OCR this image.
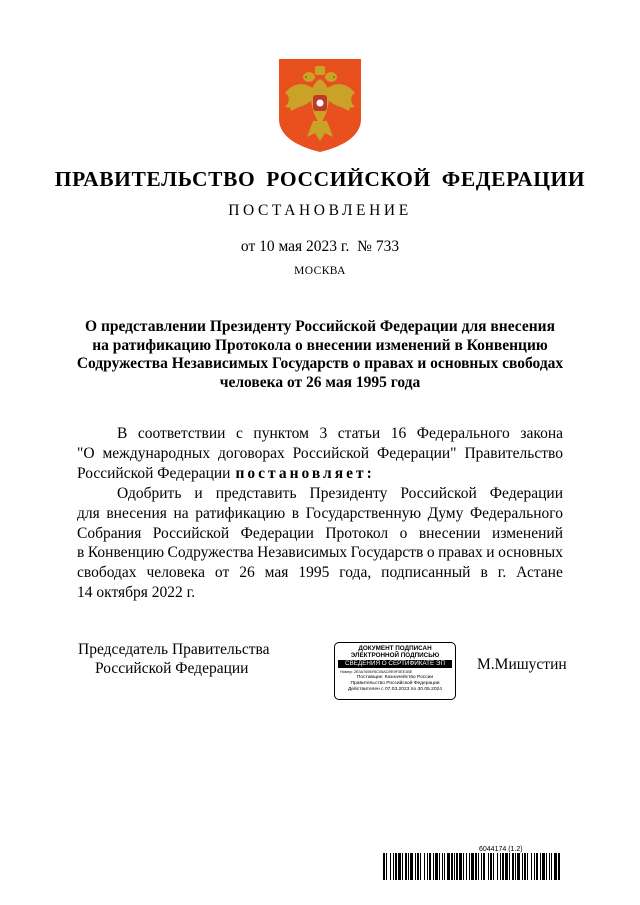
ПРАВИТЕЛЬСТВО РОССИЙСКОЙ ФЕДЕРАЦИИ
ПОСТАНОВЛЕНИЕ
от 10 мая 2023 г.  № 733
МОСКВА
О представлении Президенту Российской Федерации для внесения
на ратификацию Протокола о внесении изменений в Конвенцию
Содружества Независимых Государств о правах и основных свободах
человека от 26 мая 1995 года
В соответствии с пунктом 3 статьи 16 Федерального закона
"О международных договорах Российской Федерации" Правительство
Российской Федерации постановляет:
Одобрить и представить Президенту Российской Федерации
для внесения на ратификацию в Государственную Думу Федерального
Собрания Российской Федерации Протокол о внесении изменений
в Конвенцию Содружества Независимых Государств о правах и основных
свободах человека от 26 мая 1995 года, подписанный в г. Астане
14 октября 2022 г.
Председатель Правительства
Российской Федерации
ДОКУМЕНТ ПОДПИСАН
ЭЛЕКТРОННОЙ ПОДПИСЬЮ
СВЕДЕНИЯ О СЕРТИФИКАТЕ ЭП
Номер: 2ЕЗА7698У5С05АОЛЕ9F3ЕЕ1ВЕ
Поставщик: Казначейство России
Правительство Российской Федерации
Действителен с 07.03.2023 по 30.05.2024
М.Мишустин
6044174 (1.2)
